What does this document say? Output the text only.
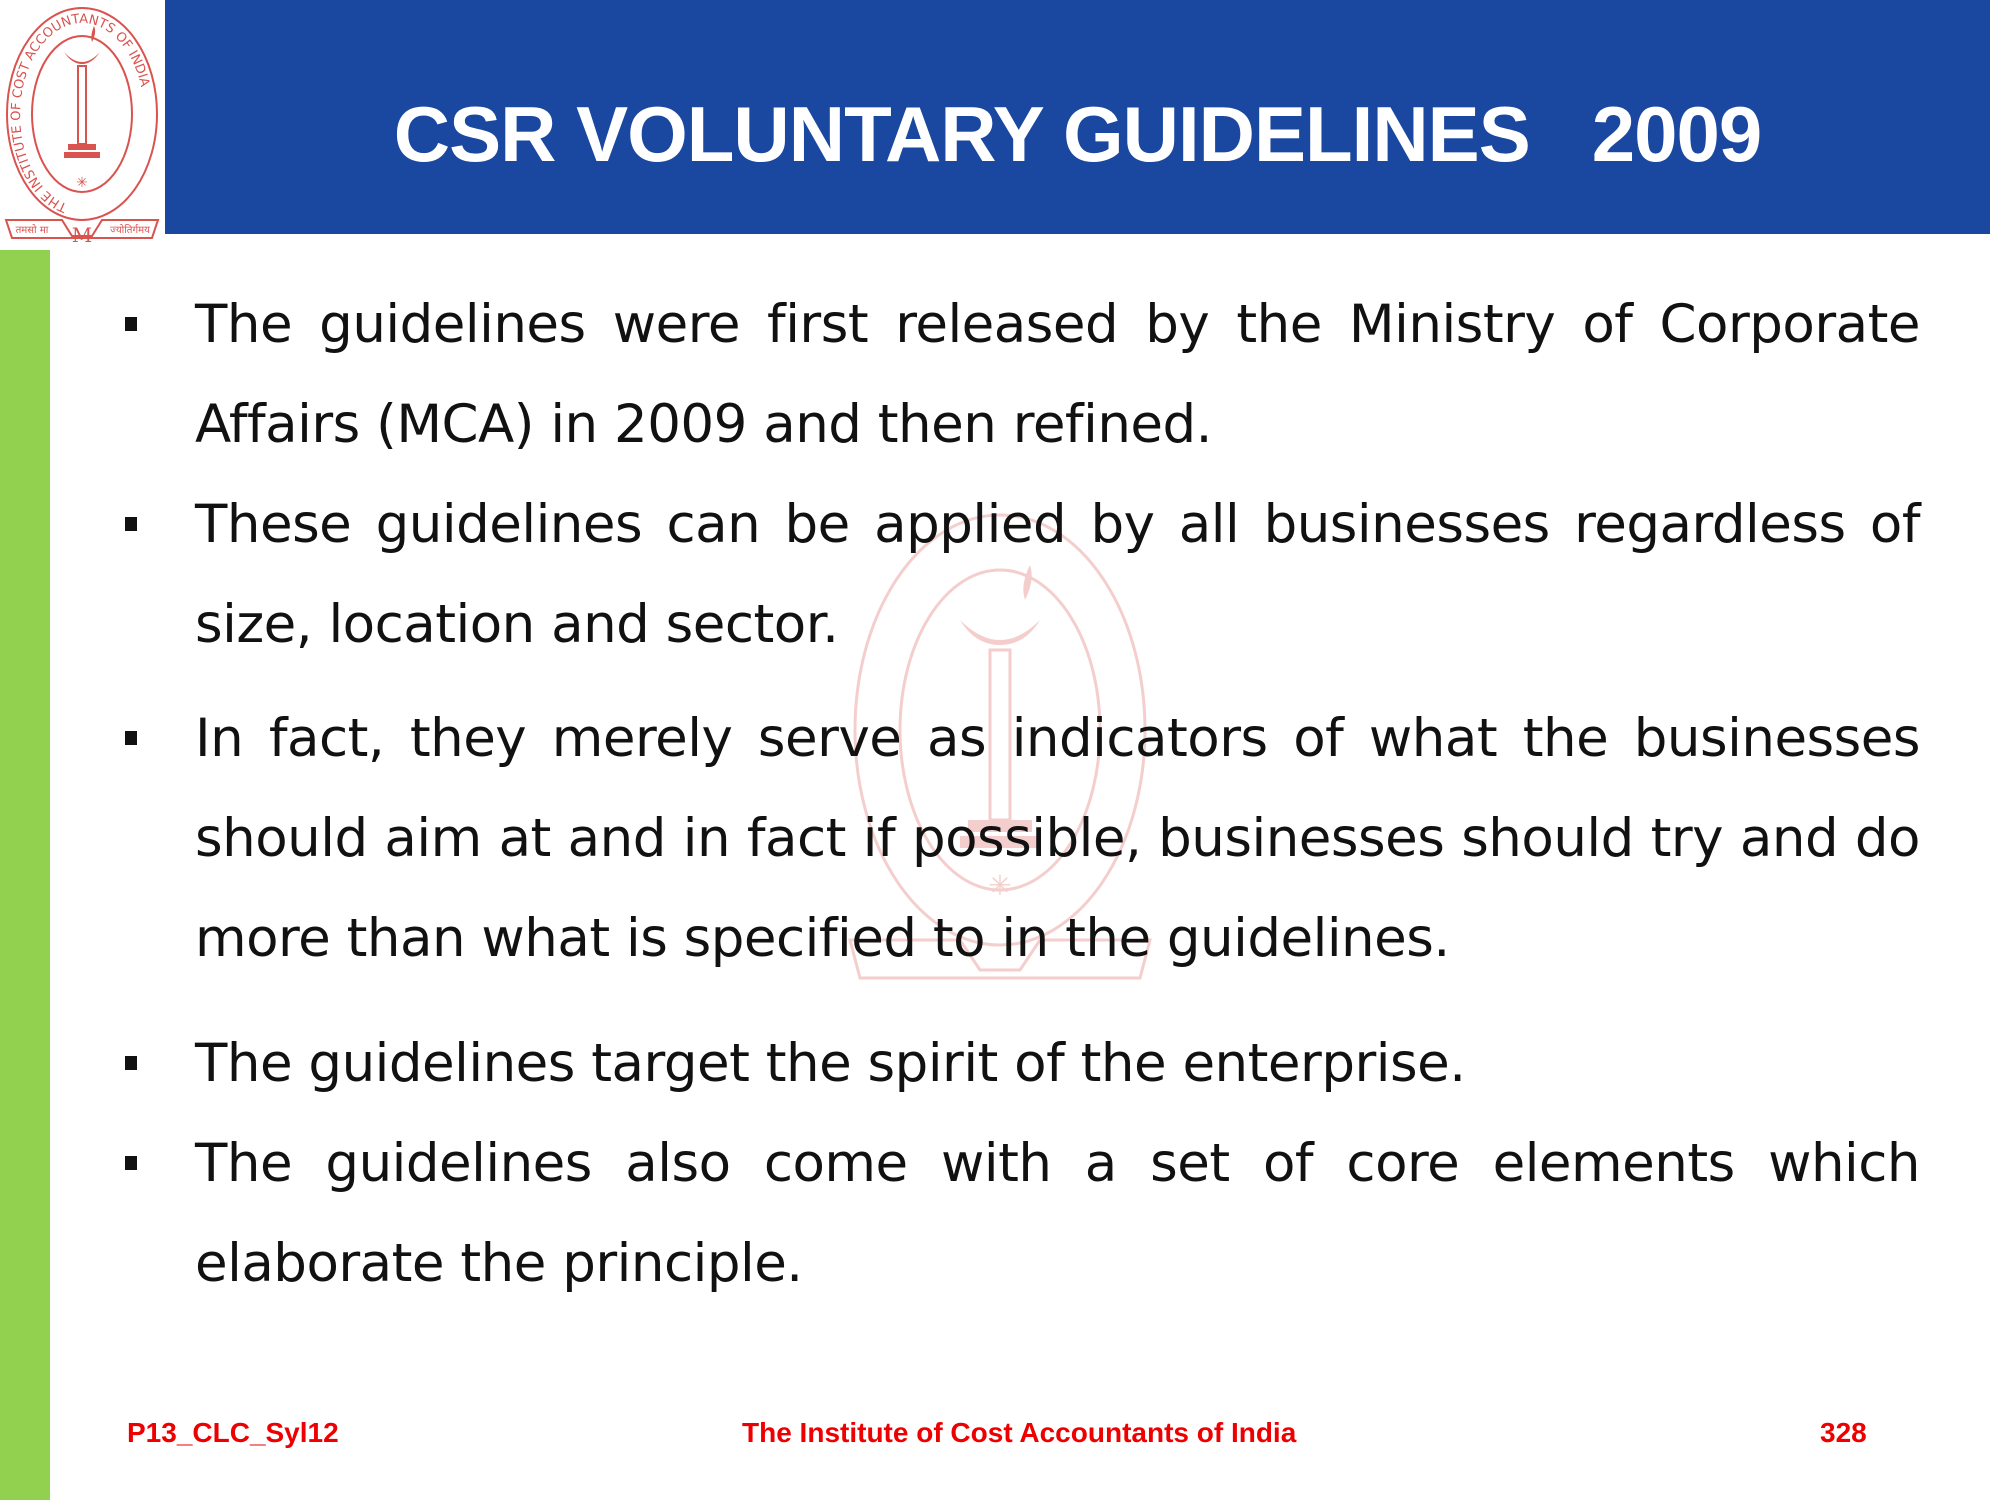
CSR VOLUNTARY GUIDELINES   2009
THE INSTITUTE OF COST ACCOUNTANTS OF INDIA
✳
तमसो मा M ज्योतिर्गमय
✳

The guidelines were first released by the Ministry of Corporate Affairs (MCA) in 2009 and then refined.

These guidelines can be applied by all businesses regardless of size, location and sector.

In fact, they merely serve as indicators of what the businesses should aim at and in fact if possible, businesses should try and do more than what is specified to in the guidelines.

The guidelines target the spirit of the enterprise.

The guidelines also come with a set of core elements which elaborate the principle.

P13_CLC_Syl12	The Institute of Cost Accountants of India	328
